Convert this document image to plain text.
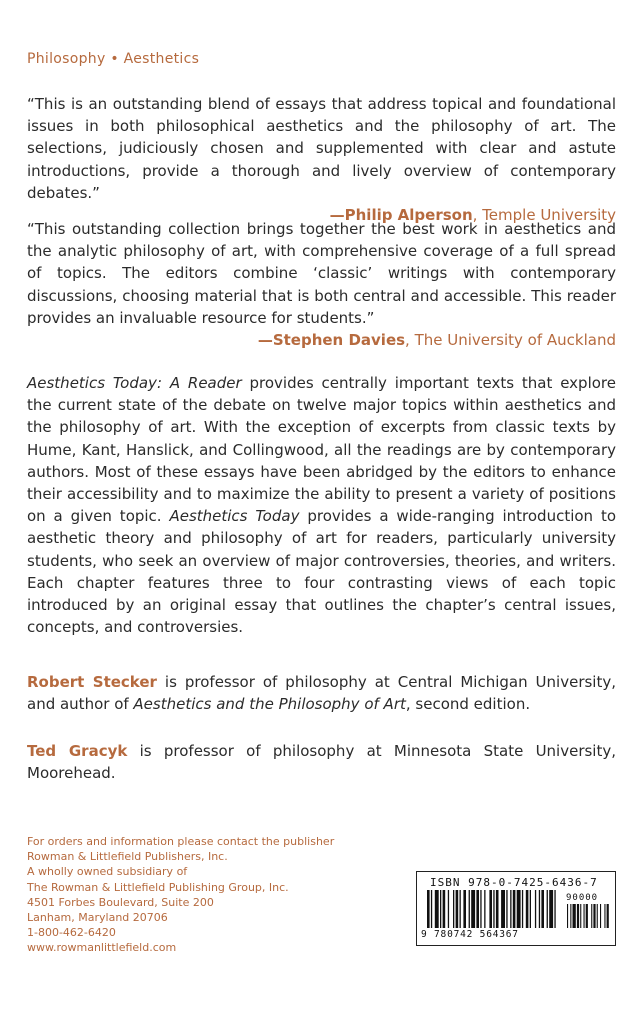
Philosophy • Aesthetics
“This is an outstanding blend of essays that address topical and foundational issues in both philosophical aesthetics and the philosophy of art. The selections, judiciously chosen and supplemented with clear and astute introductions, provide a thorough and lively overview of contemporary debates.”
—Philip Alperson, Temple University
“This outstanding collection brings together the best work in aesthetics and the analytic philosophy of art, with comprehensive coverage of a full spread of topics. The editors combine ‘classic’ writings with contemporary discussions, choosing material that is both central and accessible. This reader provides an invaluable resource for students.”
—Stephen Davies, The University of Auckland
Aesthetics Today: A Reader provides centrally important texts that explore the current state of the debate on twelve major topics within aesthetics and the philosophy of art. With the exception of excerpts from classic texts by Hume, Kant, Hanslick, and Collingwood, all the readings are by contemporary authors. Most of these essays have been abridged by the editors to enhance their accessibility and to maximize the ability to present a variety of positions on a given topic. Aesthetics Today provides a wide-ranging introduction to aesthetic theory and philosophy of art for readers, particularly university students, who seek an overview of major controversies, theories, and writers. Each chapter features three to four contrasting views of each topic introduced by an original essay that outlines the chapter’s central issues, concepts, and controversies.
Robert Stecker is professor of philosophy at Central Michigan University, and author of Aesthetics and the Philosophy of Art, second edition.
Ted Gracyk is professor of philosophy at Minnesota State University, Moorehead.
For orders and information please contact the publisher
Rowman & Littlefield Publishers, Inc.
A wholly owned subsidiary of
The Rowman & Littlefield Publishing Group, Inc.
4501 Forbes Boulevard, Suite 200
Lanham, Maryland 20706
1-800-462-6420
www.rowmanlittlefield.com
ISBN 978-0-7425-6436-7
90000
9 780742 564367
